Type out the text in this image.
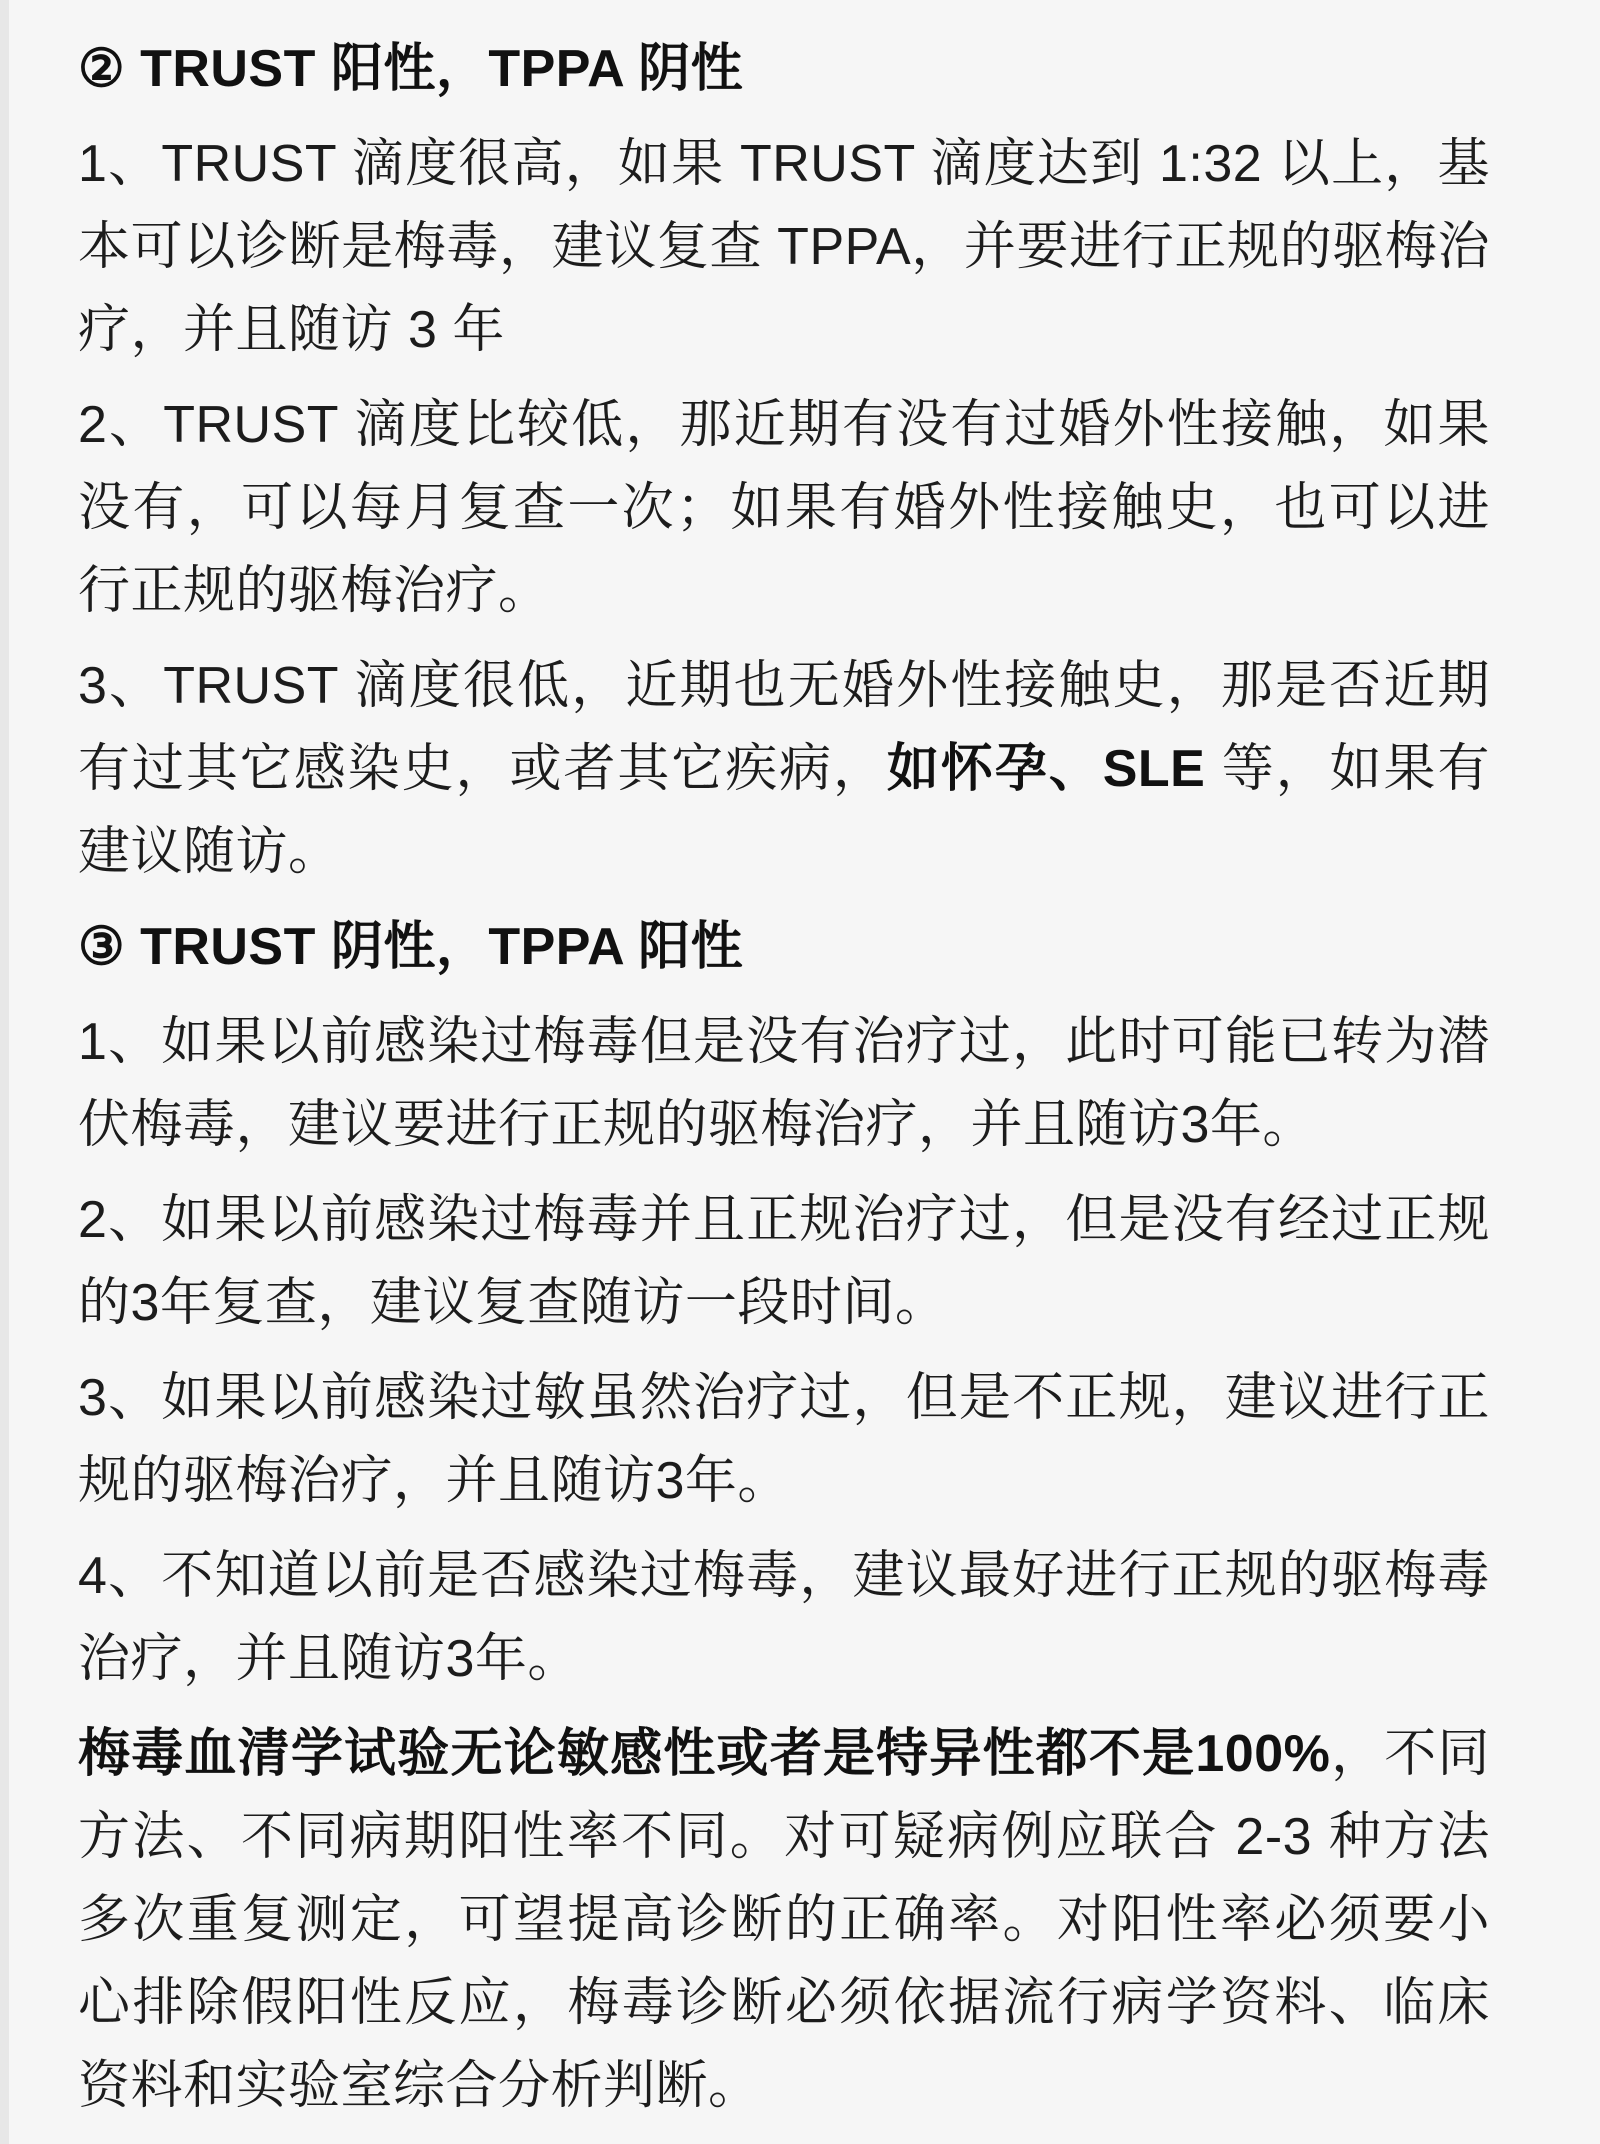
② TRUST 阳性，TPPA 阴性

1、TRUST 滴度很高，如果 TRUST 滴度达到 1:32 以上，基本可以诊断是梅毒，建议复查 TPPA，并要进行正规的驱梅治疗，并且随访 3 年

2、TRUST 滴度比较低，那近期有没有过婚外性接触，如果没有，可以每月复查一次；如果有婚外性接触史，也可以进行正规的驱梅治疗。

3、TRUST 滴度很低，近期也无婚外性接触史，那是否近期有过其它感染史，或者其它疾病，如怀孕、SLE 等，如果有建议随访。

③ TRUST 阴性，TPPA 阳性

1、如果以前感染过梅毒但是没有治疗过，此时可能已转为潜伏梅毒，建议要进行正规的驱梅治疗，并且随访3年。

2、如果以前感染过梅毒并且正规治疗过，但是没有经过正规的3年复查，建议复查随访一段时间。

3、如果以前感染过敏虽然治疗过，但是不正规，建议进行正规的驱梅治疗，并且随访3年。

4、不知道以前是否感染过梅毒，建议最好进行正规的驱梅毒治疗，并且随访3年。

梅毒血清学试验无论敏感性或者是特异性都不是100%，不同方法、不同病期阳性率不同。对可疑病例应联合 2-3 种方法多次重复测定，可望提高诊断的正确率。对阳性率必须要小心排除假阳性反应，梅毒诊断必须依据流行病学资料、临床资料和实验室综合分析判断。
